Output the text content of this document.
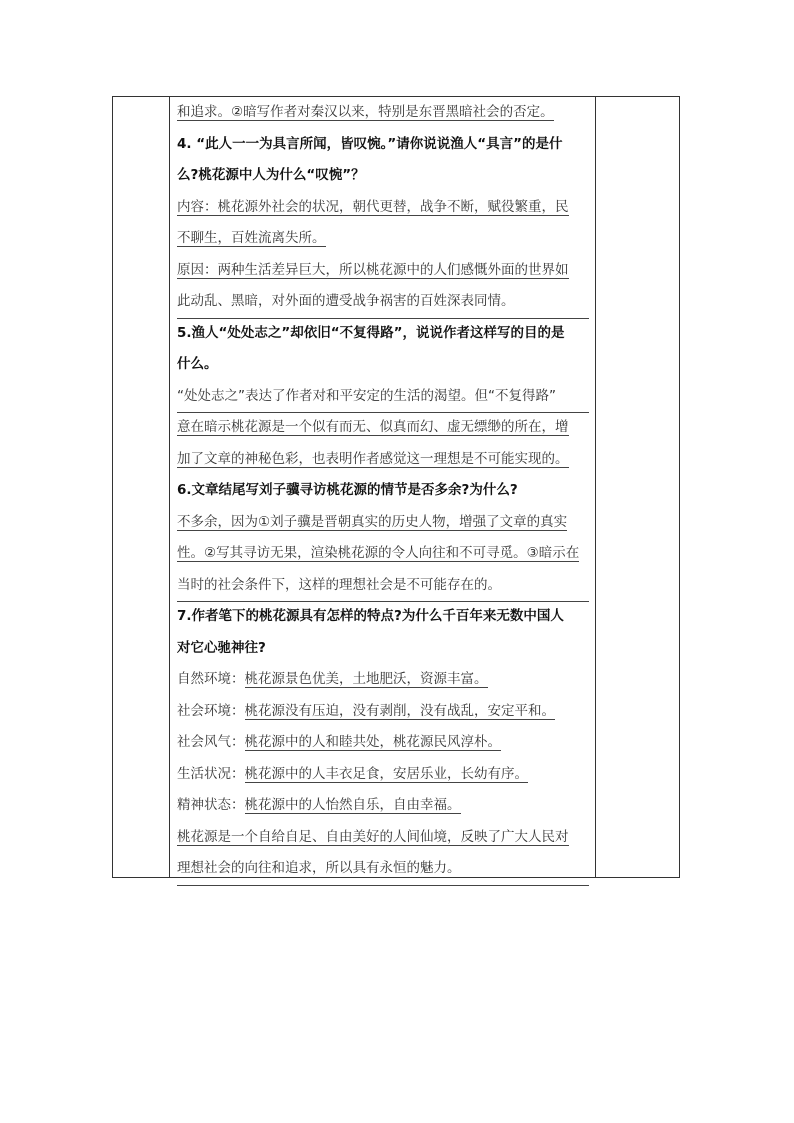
和追求。②暗写作者对秦汉以来，特别是东晋黑暗社会的否定。
4. “此人一一为具言所闻，皆叹惋。”请你说说渔人“具言”的是什
么?桃花源中人为什么“叹惋”？
内容：桃花源外社会的状况，朝代更替，战争不断，赋役繁重，民
不聊生，百姓流离失所。
原因：两种生活差异巨大，所以桃花源中的人们感慨外面的世界如
此动乱、黑暗，对外面的遭受战争祸害的百姓深表同情。
5.渔人“处处志之”却依旧“不复得路”，说说作者这样写的目的是
什么。
“处处志之”表达了作者对和平安定的生活的渴望。但“不复得路”
意在暗示桃花源是一个似有而无、似真而幻、虚无缥缈的所在，增
加了文章的神秘色彩，也表明作者感觉这一理想是不可能实现的。
6.文章结尾写刘子骥寻访桃花源的情节是否多余?为什么?
不多余，因为①刘子骥是晋朝真实的历史人物，增强了文章的真实
性。②写其寻访无果，渲染桃花源的令人向往和不可寻觅。③暗示在
当时的社会条件下，这样的理想社会是不可能存在的。
7.作者笔下的桃花源具有怎样的特点?为什么千百年来无数中国人
对它心驰神往?
自然环境：桃花源景色优美，土地肥沃，资源丰富。
社会环境：桃花源没有压迫，没有剥削，没有战乱，安定平和。
社会风气：桃花源中的人和睦共处，桃花源民风淳朴。
生活状况：桃花源中的人丰衣足食，安居乐业，长幼有序。
精神状态：桃花源中的人怡然自乐，自由幸福。
桃花源是一个自给自足、自由美好的人间仙境，反映了广大人民对
理想社会的向往和追求，所以具有永恒的魅力。
